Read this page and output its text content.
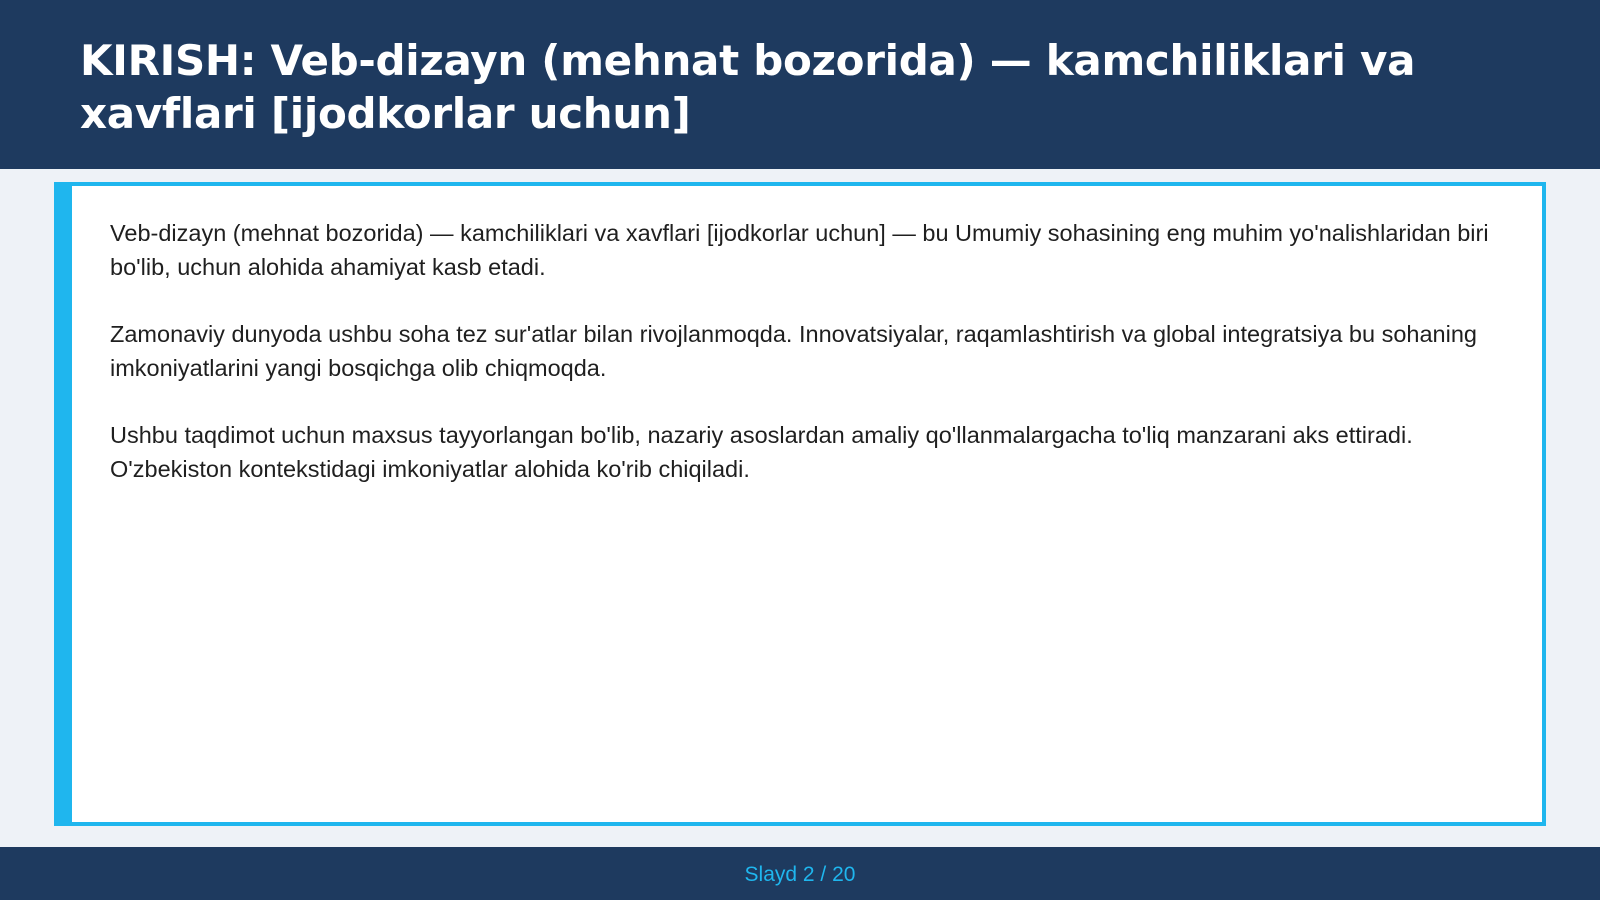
KIRISH: Veb-dizayn (mehnat bozorida) — kamchiliklari va xavflari [ijodkorlar uchun]

Veb-dizayn (mehnat bozorida) — kamchiliklari va xavflari [ijodkorlar uchun] — bu Umumiy sohasining eng muhim yo'nalishlaridan biri bo'lib, uchun alohida ahamiyat kasb etadi.

Zamonaviy dunyoda ushbu soha tez sur'atlar bilan rivojlanmoqda. Innovatsiyalar, raqamlashtirish va global integratsiya bu sohaning imkoniyatlarini yangi bosqichga olib chiqmoqda.

Ushbu taqdimot uchun maxsus tayyorlangan bo'lib, nazariy asoslardan amaliy qo'llanmalargacha to'liq manzarani aks ettiradi. O'zbekiston kontekstidagi imkoniyatlar alohida ko'rib chiqiladi.

Slayd 2 / 20
